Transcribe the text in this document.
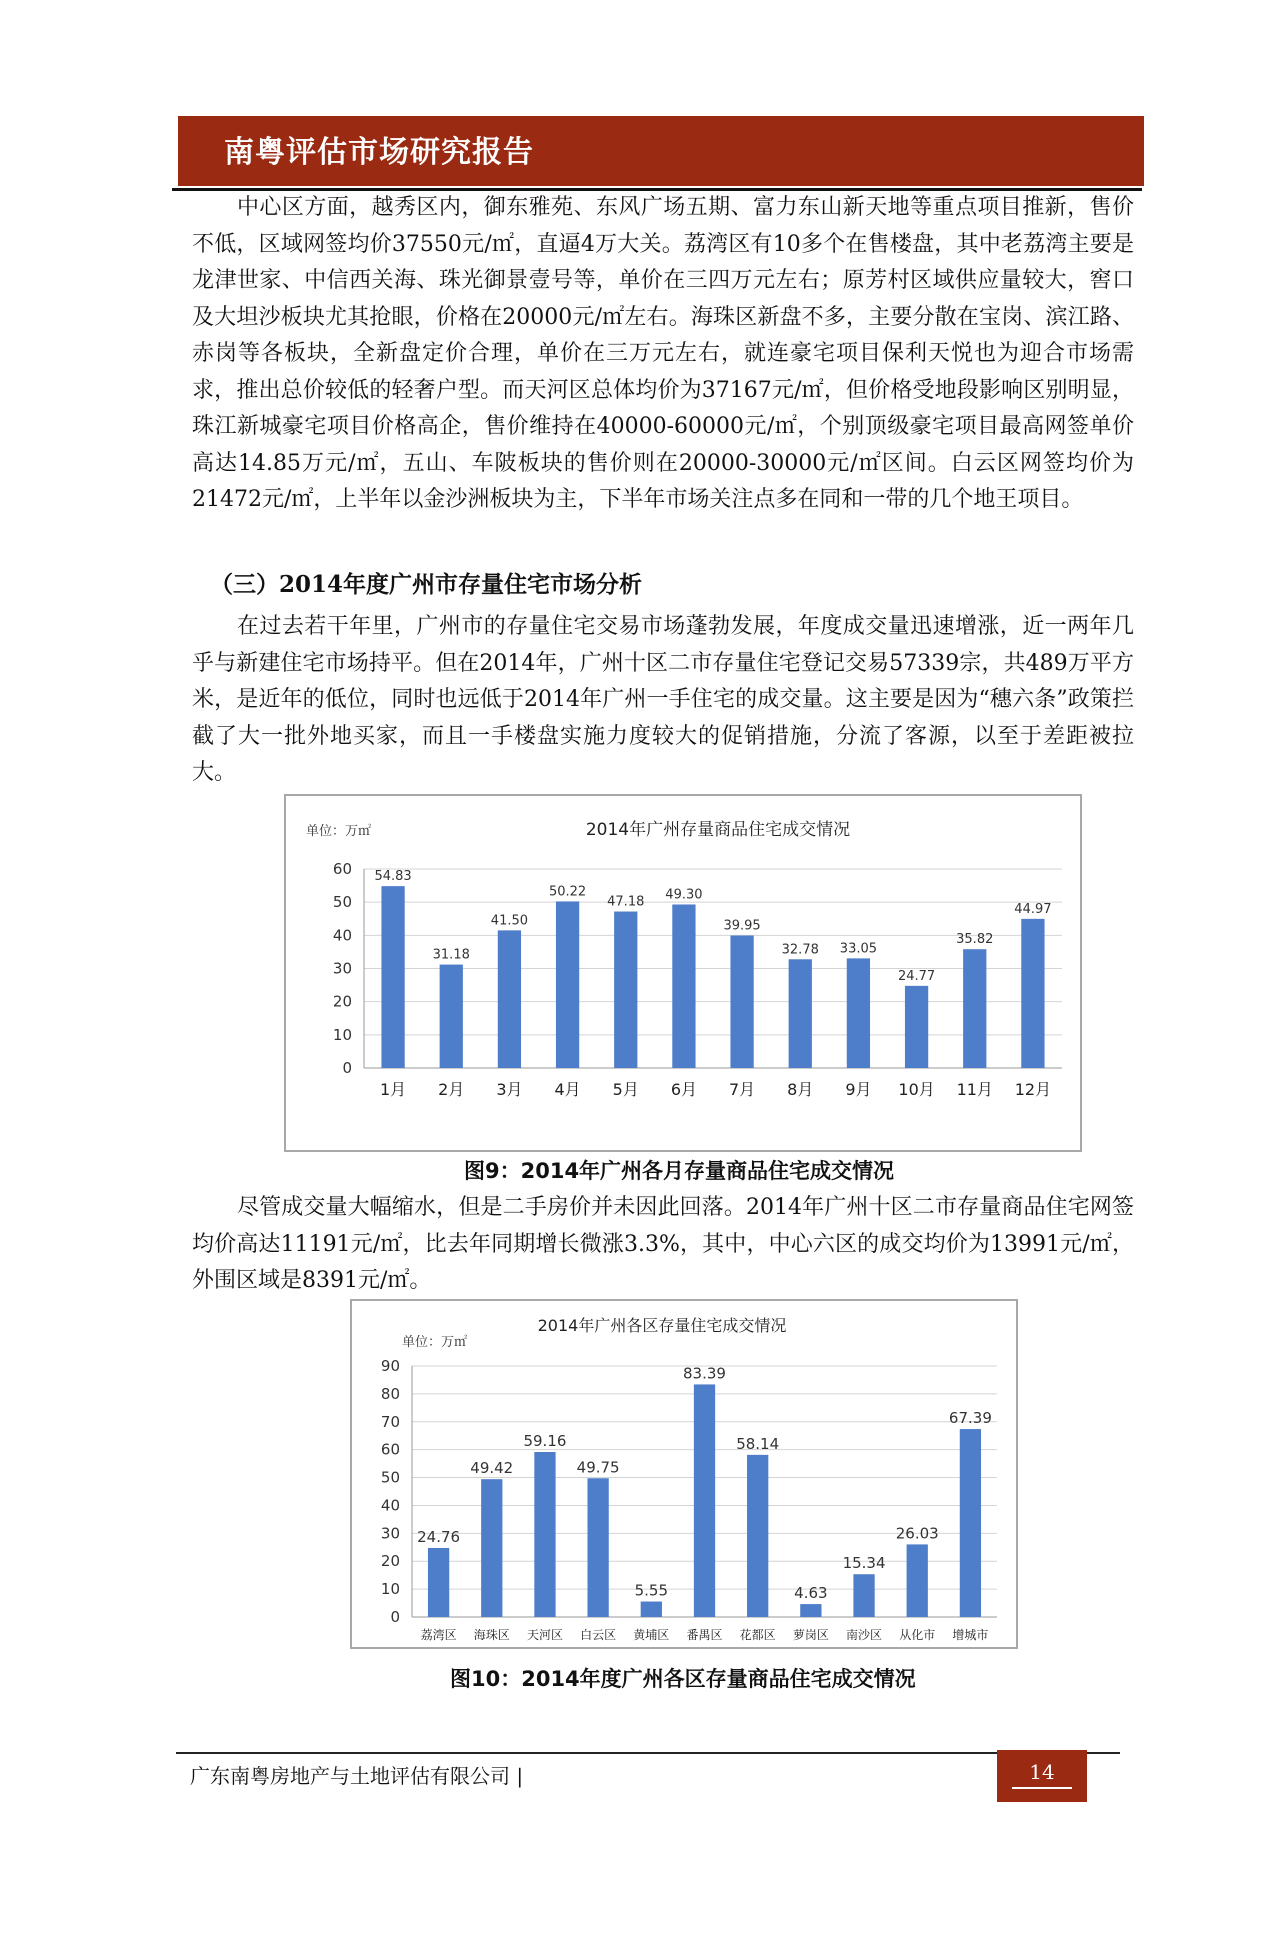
南粤评估市场研究报告

中心区方面，越秀区内，御东雅苑、东风广场五期、富力东山新天地等重点项目推新，售价不低，区域网签均价37550元/㎡，直逼4万大关。荔湾区有10多个在售楼盘，其中老荔湾主要是龙津世家、中信西关海、珠光御景壹号等，单价在三四万元左右；原芳村区域供应量较大，窖口及大坦沙板块尤其抢眼，价格在20000元/㎡左右。海珠区新盘不多，主要分散在宝岗、滨江路、赤岗等各板块，全新盘定价合理，单价在三万元左右，就连豪宅项目保利天悦也为迎合市场需求，推出总价较低的轻奢户型。而天河区总体均价为37167元/㎡，但价格受地段影响区别明显，珠江新城豪宅项目价格高企，售价维持在40000-60000元/㎡，个别顶级豪宅项目最高网签单价高达14.85万元/㎡，五山、车陂板块的售价则在20000-30000元/㎡区间。白云区网签均价为21472元/㎡，上半年以金沙洲板块为主，下半年市场关注点多在同和一带的几个地王项目。

（三）2014年度广州市存量住宅市场分析

在过去若干年里，广州市的存量住宅交易市场蓬勃发展，年度成交量迅速增涨，近一两年几乎与新建住宅市场持平。但在2014年，广州十区二市存量住宅登记交易57339宗，共489万平方米，是近年的低位，同时也远低于2014年广州一手住宅的成交量。这主要是因为“穗六条”政策拦截了大一批外地买家，而且一手楼盘实施力度较大的促销措施，分流了客源，以至于差距被拉大。

2014年广州存量商品住宅成交情况
单位：万㎡
0
10
20
30
40
50
60 54.83
1月
31.18
2月
41.50
3月
50.22
4月
47.18
5月
49.30
6月
39.95
7月
32.78
8月
33.05
9月
24.77
10月
35.82
11月
44.97
12月
图9：2014年广州各月存量商品住宅成交情况

尽管成交量大幅缩水，但是二手房价并未因此回落。2014年广州十区二市存量商品住宅网签均价高达11191元/㎡，比去年同期增长微涨3.3%，其中，中心六区的成交均价为13991元/㎡，外围区域是8391元/㎡。

2014年广州各区存量住宅成交情况
单位：万㎡
0
10
20
30
40
50
60
70
80
90
24.76
荔湾区
49.42
海珠区
59.16
天河区
49.75
白云区
5.55
黄埔区
83.39
番禺区
58.14
花都区
4.63
萝岗区
15.34
南沙区
26.03
从化市
67.39
增城市
图10：2014年度广州各区存量商品住宅成交情况
广东南粤房地产与土地评估有限公司 |	14
